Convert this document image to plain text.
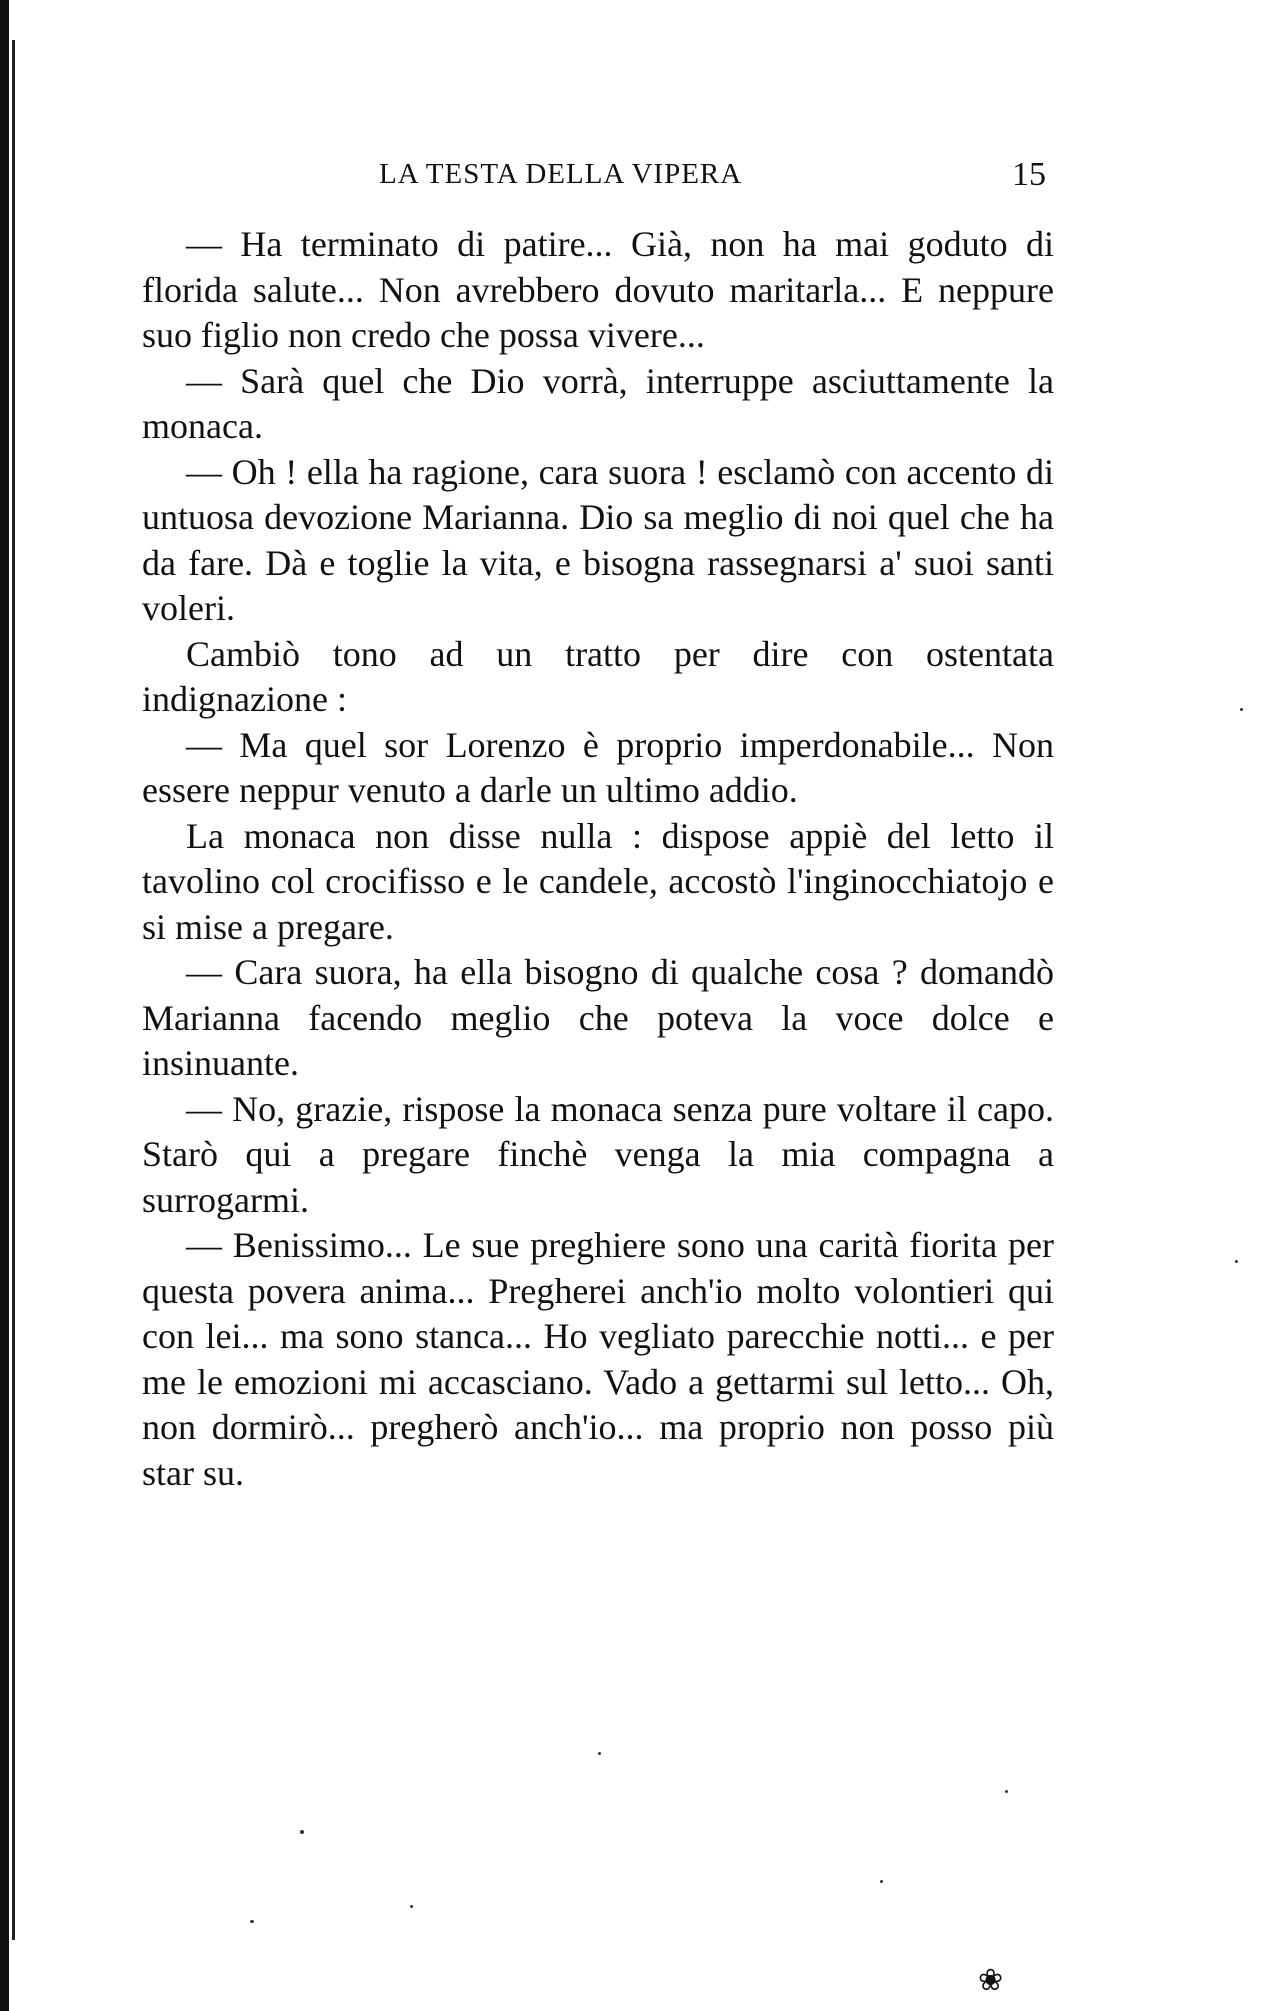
LA TESTA DELLA VIPERA	15

— Ha terminato di patire... Già, non ha mai goduto di florida salute... Non avrebbero dovuto maritarla... E neppure suo figlio non credo che possa vivere...

— Sarà quel che Dio vorrà, interruppe asciuttamente la monaca.

— Oh ! ella ha ragione, cara suora ! esclamò con accento di untuosa devozione Marianna. Dio sa meglio di noi quel che ha da fare. Dà e toglie la vita, e bisogna rassegnarsi a' suoi santi voleri.

Cambiò tono ad un tratto per dire con ostentata indignazione :

— Ma quel sor Lorenzo è proprio imperdonabile... Non essere neppur venuto a darle un ultimo addio.

La monaca non disse nulla : dispose appiè del letto il tavolino col crocifisso e le candele, accostò l'inginocchiatojo e si mise a pregare.

— Cara suora, ha ella bisogno di qualche cosa ? domandò Marianna facendo meglio che poteva la voce dolce e insinuante.

— No, grazie, rispose la monaca senza pure voltare il capo. Starò qui a pregare finchè venga la mia compagna a surrogarmi.

— Benissimo... Le sue preghiere sono una carità fiorita per questa povera anima... Pregherei anch'io molto volontieri qui con lei... ma sono stanca... Ho vegliato parecchie notti... e per me le emozioni mi accasciano. Vado a gettarmi sul letto... Oh, non dormirò... pregherò anch'io... ma proprio non posso più star su.

❀
